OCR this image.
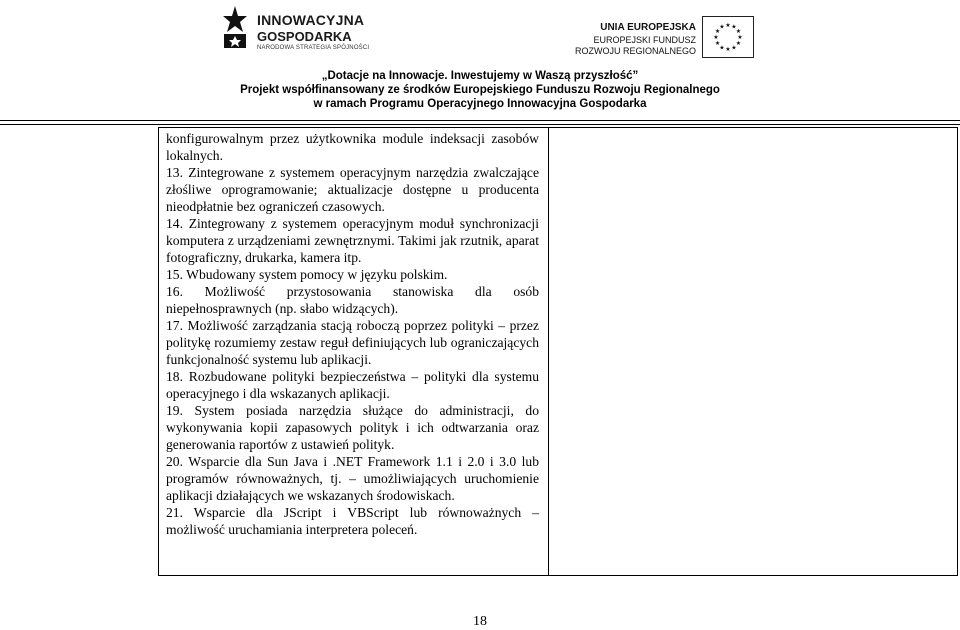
INNOWACYJNA
GOSPODARKA
NARODOWA STRATEGIA SPÓJNOŚCI
UNIA EUROPEJSKA
EUROPEJSKI FUNDUSZ
ROZWOJU REGIONALNEGO
★ ★
★
★
★
★
★
★
★
★
★
★
„Dotacje na Innowacje. Inwestujemy w Waszą przyszłość”
Projekt współfinansowany ze środków Europejskiego Funduszu Rozwoju Regionalnego
w ramach Programu Operacyjnego Innowacyjna Gospodarka

konfigurowalnym przez użytkownika module indeksacji zasobów lokalnych.

13. Zintegrowane z systemem operacyjnym narzędzia zwalczające złośliwe oprogramowanie; aktualizacje dostępne u producenta nieodpłatnie bez ograniczeń czasowych.

14. Zintegrowany z systemem operacyjnym moduł synchronizacji komputera z urządzeniami zewnętrznymi. Takimi jak rzutnik, aparat fotograficzny, drukarka, kamera itp.

15. Wbudowany system pomocy w języku polskim.

16. Możliwość przystosowania stanowiska dla osób niepełnosprawnych (np. słabo widzących).

17. Możliwość zarządzania stacją roboczą poprzez polityki – przez politykę rozumiemy zestaw reguł definiujących lub ograniczających funkcjonalność systemu lub aplikacji.

18. Rozbudowane polityki bezpieczeństwa – polityki dla systemu operacyjnego i dla wskazanych aplikacji.

19. System posiada narzędzia służące do administracji, do wykonywania kopii zapasowych polityk i ich odtwarzania oraz generowania raportów z ustawień polityk.

20. Wsparcie dla Sun Java i .NET Framework 1.1 i 2.0 i 3.0 lub programów równoważnych, tj. – umożliwiających uruchomienie aplikacji działających we wskazanych środowiskach.

21. Wsparcie dla JScript i VBScript lub równoważnych – możliwość uruchamiania interpretera poleceń.

18
